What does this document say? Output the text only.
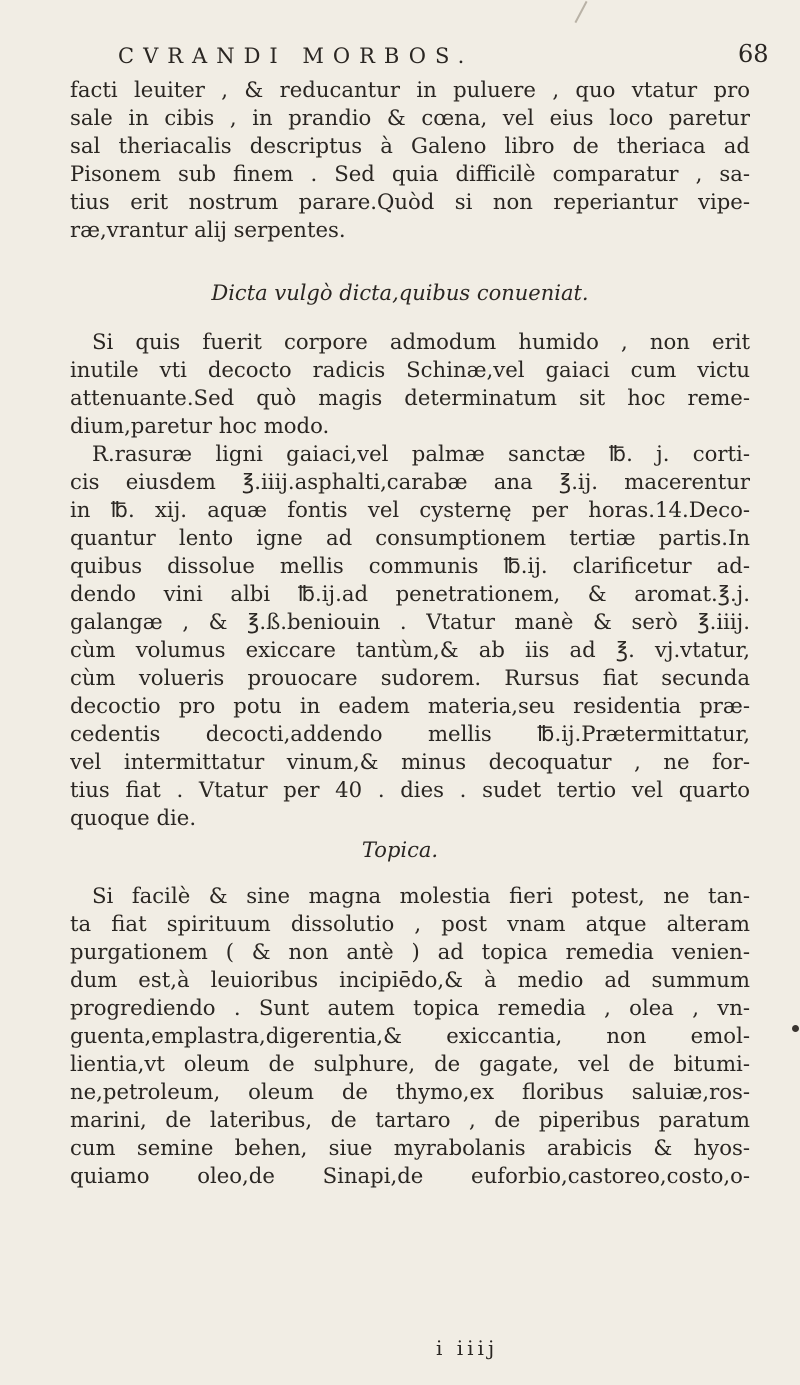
CVRANDI MORBOS.	68
facti leuiter , & reducantur in puluere , quo vtatur pro
sale in cibis , in prandio & cœna, vel eius loco paretur
sal theriacalis descriptus à Galeno libro de theriaca ad
Pisonem sub finem . Sed quia difficilè comparatur , sa-
tius erit nostrum parare.Quòd si non reperiantur vipe-
ræ,vrantur alij serpentes.
Dicta vulgò dicta,quibus conueniat.
Si quis fuerit corpore admodum humido , non erit
inutile vti decocto radicis Schinæ,vel gaiaci cum victu
attenuante.Sed quò magis determinatum sit hoc reme-
dium,paretur hoc modo.
R.rasuræ ligni gaiaci,vel palmæ sanctæ ℔. j. corti-
cis eiusdem ℥.iiij.asphalti,carabæ ana ℥.ij. macerentur
in ℔. xij. aquæ fontis vel cysternę per horas.14.Deco-
quantur lento igne ad consumptionem tertiæ partis.In
quibus dissolue mellis communis ℔.ij. clarificetur ad-
dendo vini albi ℔.ij.ad penetrationem, & aromat.℥.j.
galangæ , & ℥.ß.beniouin . Vtatur manè & serò ℥.iiij.
cùm volumus exiccare tantùm,& ab iis ad ℥. vj.vtatur,
cùm volueris prouocare sudorem. Rursus fiat secunda
decoctio pro potu in eadem materia,seu residentia præ-
cedentis decocti,addendo mellis ℔.ij.Prætermittatur,
vel intermittatur vinum,& minus decoquatur , ne for-
tius fiat . Vtatur per 40 . dies . sudet tertio vel quarto
quoque die.
Topica.
Si facilè & sine magna molestia fieri potest, ne tan-
ta fiat spirituum dissolutio , post vnam atque alteram
purgationem ( & non antè ) ad topica remedia venien-
dum est,à leuioribus incipiēdo,& à medio ad summum
progrediendo . Sunt autem topica remedia , olea , vn-
guenta,emplastra,digerentia,& exiccantia, non emol-
lientia,vt oleum de sulphure, de gagate, vel de bitumi-
ne,petroleum, oleum de thymo,ex floribus saluiæ,ros-
marini, de lateribus, de tartaro , de piperibus paratum
cum semine behen, siue myrabolanis arabicis & hyos-
quiamo oleo,de Sinapi,de euforbio,castoreo,costo,o-
i iiij
